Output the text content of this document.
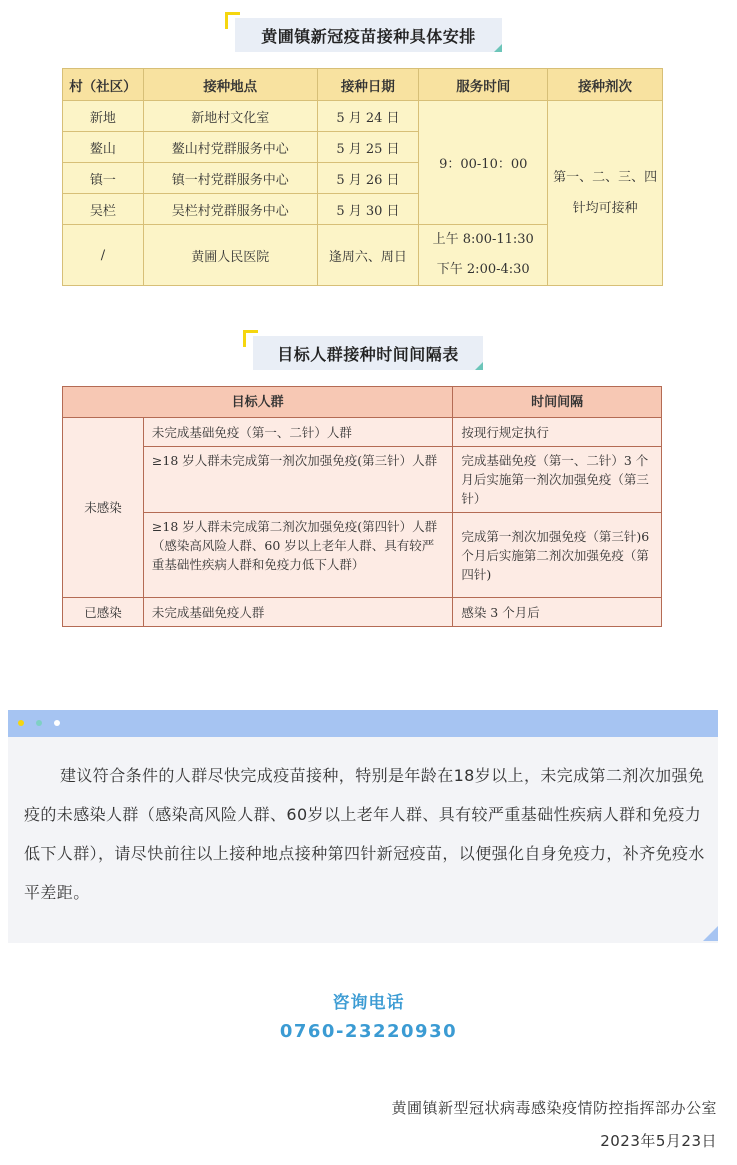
黄圃镇新冠疫苗接种具体安排
村（社区）	接种地点	接种日期	服务时间	接种剂次
新地	新地村文化室	5 月 24 日	9：00-10：00	第一、二、三、四针均可接种
鳌山	鳌山村党群服务中心	5 月 25 日		
镇一	镇一村党群服务中心	5 月 26 日		
吴栏	吴栏村党群服务中心	5 月 30 日		
/	黄圃人民医院	逢周六、周日	上午 8:00-11:30
下午 2:00-4:30	
目标人群接种时间间隔表
目标人群		时间间隔
未感染	未完成基础免疫（第一、二针）人群	按现行规定执行
	≥18 岁人群未完成第一剂次加强免疫(第三针）人群	完成基础免疫（第一、二针）3 个月后实施第一剂次加强免疫（第三针）
	≥18 岁人群未完成第二剂次加强免疫(第四针）人群（感染高风险人群、60 岁以上老年人群、具有较严重基础性疾病人群和免疫力低下人群）	完成第一剂次加强免疫（第三针)6 个月后实施第二剂次加强免疫（第四针)
已感染	未完成基础免疫人群	感染 3 个月后
建议符合条件的人群尽快完成疫苗接种，特别是年龄在18岁以上，未完成第二剂次加强免疫的未感染人群（感染高风险人群、60岁以上老年人群、具有较严重基础性疾病人群和免疫力低下人群），请尽快前往以上接种地点接种第四针新冠疫苗，以便强化自身免疫力，补齐免疫水平差距。
咨询电话
0760-23220930
黄圃镇新型冠状病毒感染疫情防控指挥部办公室
2023年5月23日
